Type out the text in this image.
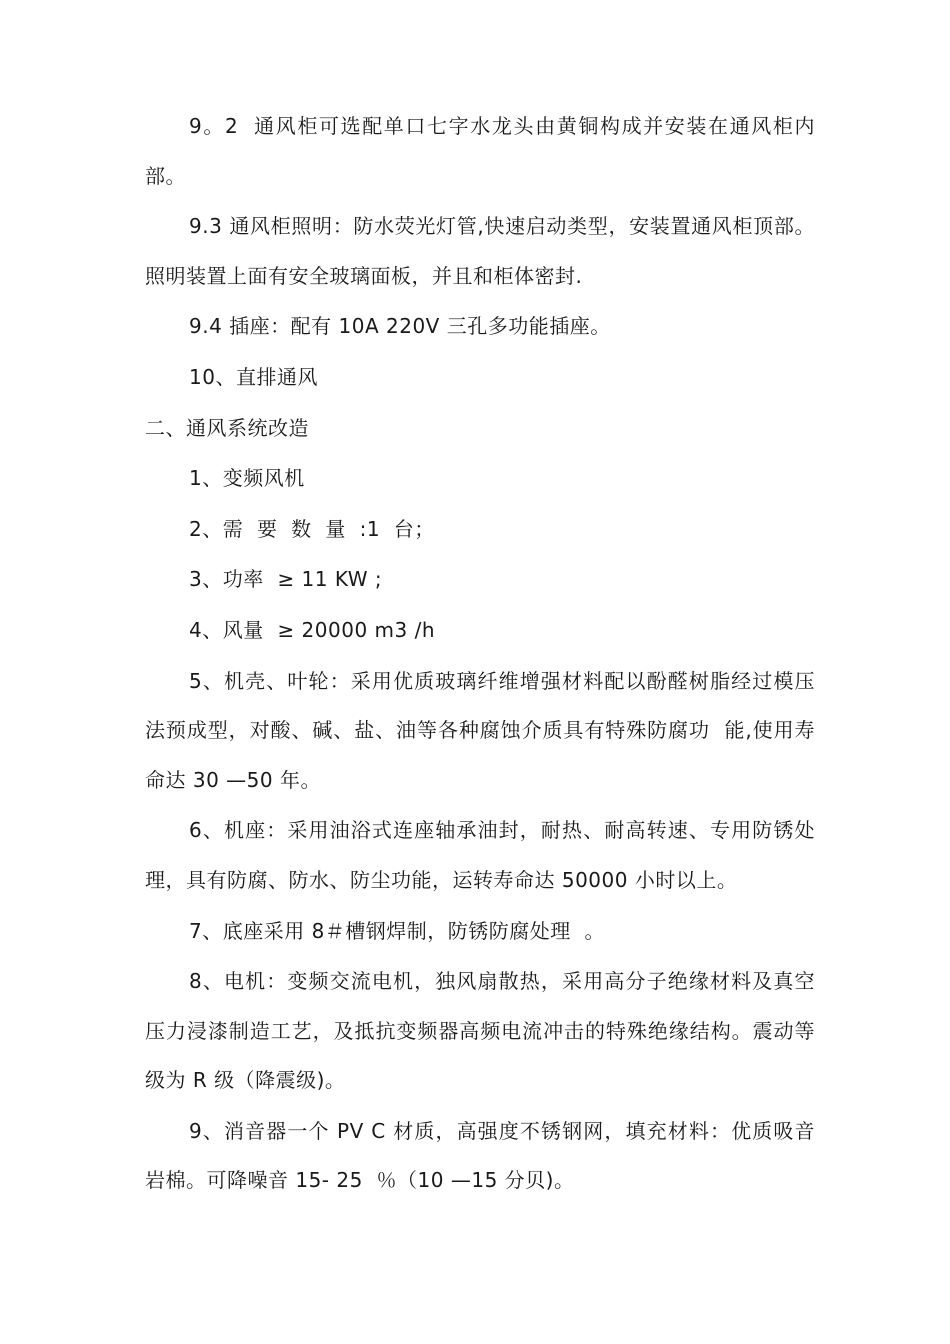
9。2  通风柜可选配单口七字水龙头由黄铜构成并安装在通风柜内部。

9.3 通风柜照明：防水荧光灯管,快速启动类型，安装置通风柜顶部。照明装置上面有安全玻璃面板，并且和柜体密封.

9.4 插座：配有 10A 220V 三孔多功能插座。

10、直排通风

二、通风系统改造

1、变频风机

2、需  要  数  量  :1  台；

3、功率  ≥ 11 KW ;

4、风量  ≥ 20000 m3 /h

5、机壳、叶轮：采用优质玻璃纤维增强材料配以酚醛树脂经过模压法预成型，对酸、碱、盐、油等各种腐蚀介质具有特殊防腐功  能,使用寿命达 30 —50 年。

6、机座：采用油浴式连座轴承油封，耐热、耐高转速、专用防锈处理，具有防腐、防水、防尘功能，运转寿命达 50000 小时以上。

7、底座采用 8＃槽钢焊制，防锈防腐处理  。

8、电机：变频交流电机，独风扇散热，采用高分子绝缘材料及真空压力浸漆制造工艺，及抵抗变频器高频电流冲击的特殊绝缘结构。震动等级为 R 级（降震级)。

9、消音器一个 PV C 材质，高强度不锈钢网，填充材料：优质吸音岩棉。可降噪音 15- 25  ％（10 —15 分贝)。
